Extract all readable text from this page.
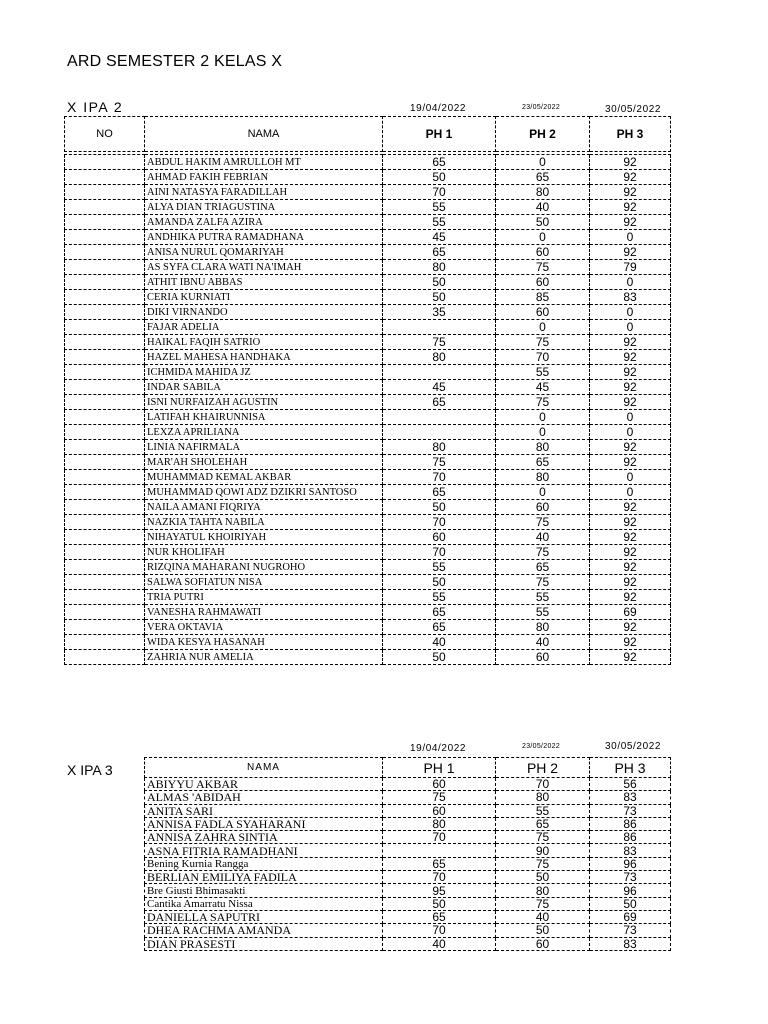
ARD SEMESTER 2 KELAS X
X IPA 2	19/04/2022	23/05/2022	30/05/2022
NO	NAMA	PH 1	PH 2	PH 3

	ABDUL HAKIM AMRULLOH MT	65	0	92
	AHMAD FAKIH FEBRIAN	50	65	92
	AINI NATASYA FARADILLAH	70	80	92
	ALYA DIAN TRIAGUSTINA	55	40	92
	AMANDA ZALFA AZIRA	55	50	92
	ANDHIKA PUTRA RAMADHANA	45	0	0
	ANISA NURUL QOMARIYAH	65	60	92
	AS SYFA CLARA WATI NA'IMAH	80	75	79
	ATHIT IBNU ABBAS	50	60	0
	CERIA KURNIATI	50	85	83
	DIKI VIRNANDO	35	60	0
	FAJAR ADELIA		0	0
	HAIKAL FAQIH SATRIO	75	75	92
	HAZEL MAHESA HANDHAKA	80	70	92
	ICHMIDA MAHIDA JZ		55	92
	INDAR SABILA	45	45	92
	ISNI NURFAIZAH AGUSTIN	65	75	92
	LATIFAH KHAIRUNNISA		0	0
	LEXZA APRILIANA		0	0
	LINIA NAFIRMALA	80	80	92
	MAR'AH SHOLEHAH	75	65	92
	MUHAMMAD KEMAL AKBAR	70	80	0
	MUHAMMAD QOWI ADZ DZIKRI SANTOSO	65	0	0
	NAILA AMANI FIQRIYA	50	60	92
	NAZKIA TAHTA NABILA	70	75	92
	NIHAYATUL KHOIRIYAH	60	40	92
	NUR KHOLIFAH	70	75	92
	RIZQINA MAHARANI NUGROHO	55	65	92
	SALWA SOFIATUN NISA	50	75	92
	TRIA PUTRI	55	55	92
	VANESHA RAHMAWATI	65	55	69
	VERA OKTAVIA	65	80	92
	WIDA KESYA HASANAH	40	40	92
	ZAHRIA NUR AMELIA	50	60	92
X IPA 3
19/04/2022	23/05/2022	30/05/2022
NAMA	PH 1	PH 2	PH 3
ABIYYU AKBAR	60	70	56
ALMAS 'ABIDAH	75	80	83
ANITA SARI	60	55	73
ANNISA FADLA SYAHARANI	80	65	86
ANNISA ZAHRA SINTIA	70	75	86
ASNA FITRIA RAMADHANI		90	83
Bening Kurnia Rangga	65	75	96
BERLIAN EMILIYA FADILA	70	50	73
Bre Giusti Bhimasakti	95	80	96
Cantika Amarratu Nissa	50	75	50
DANIELLA SAPUTRI	65	40	69
DHEA RACHMA AMANDA	70	50	73
DIAN PRASESTI	40	60	83
